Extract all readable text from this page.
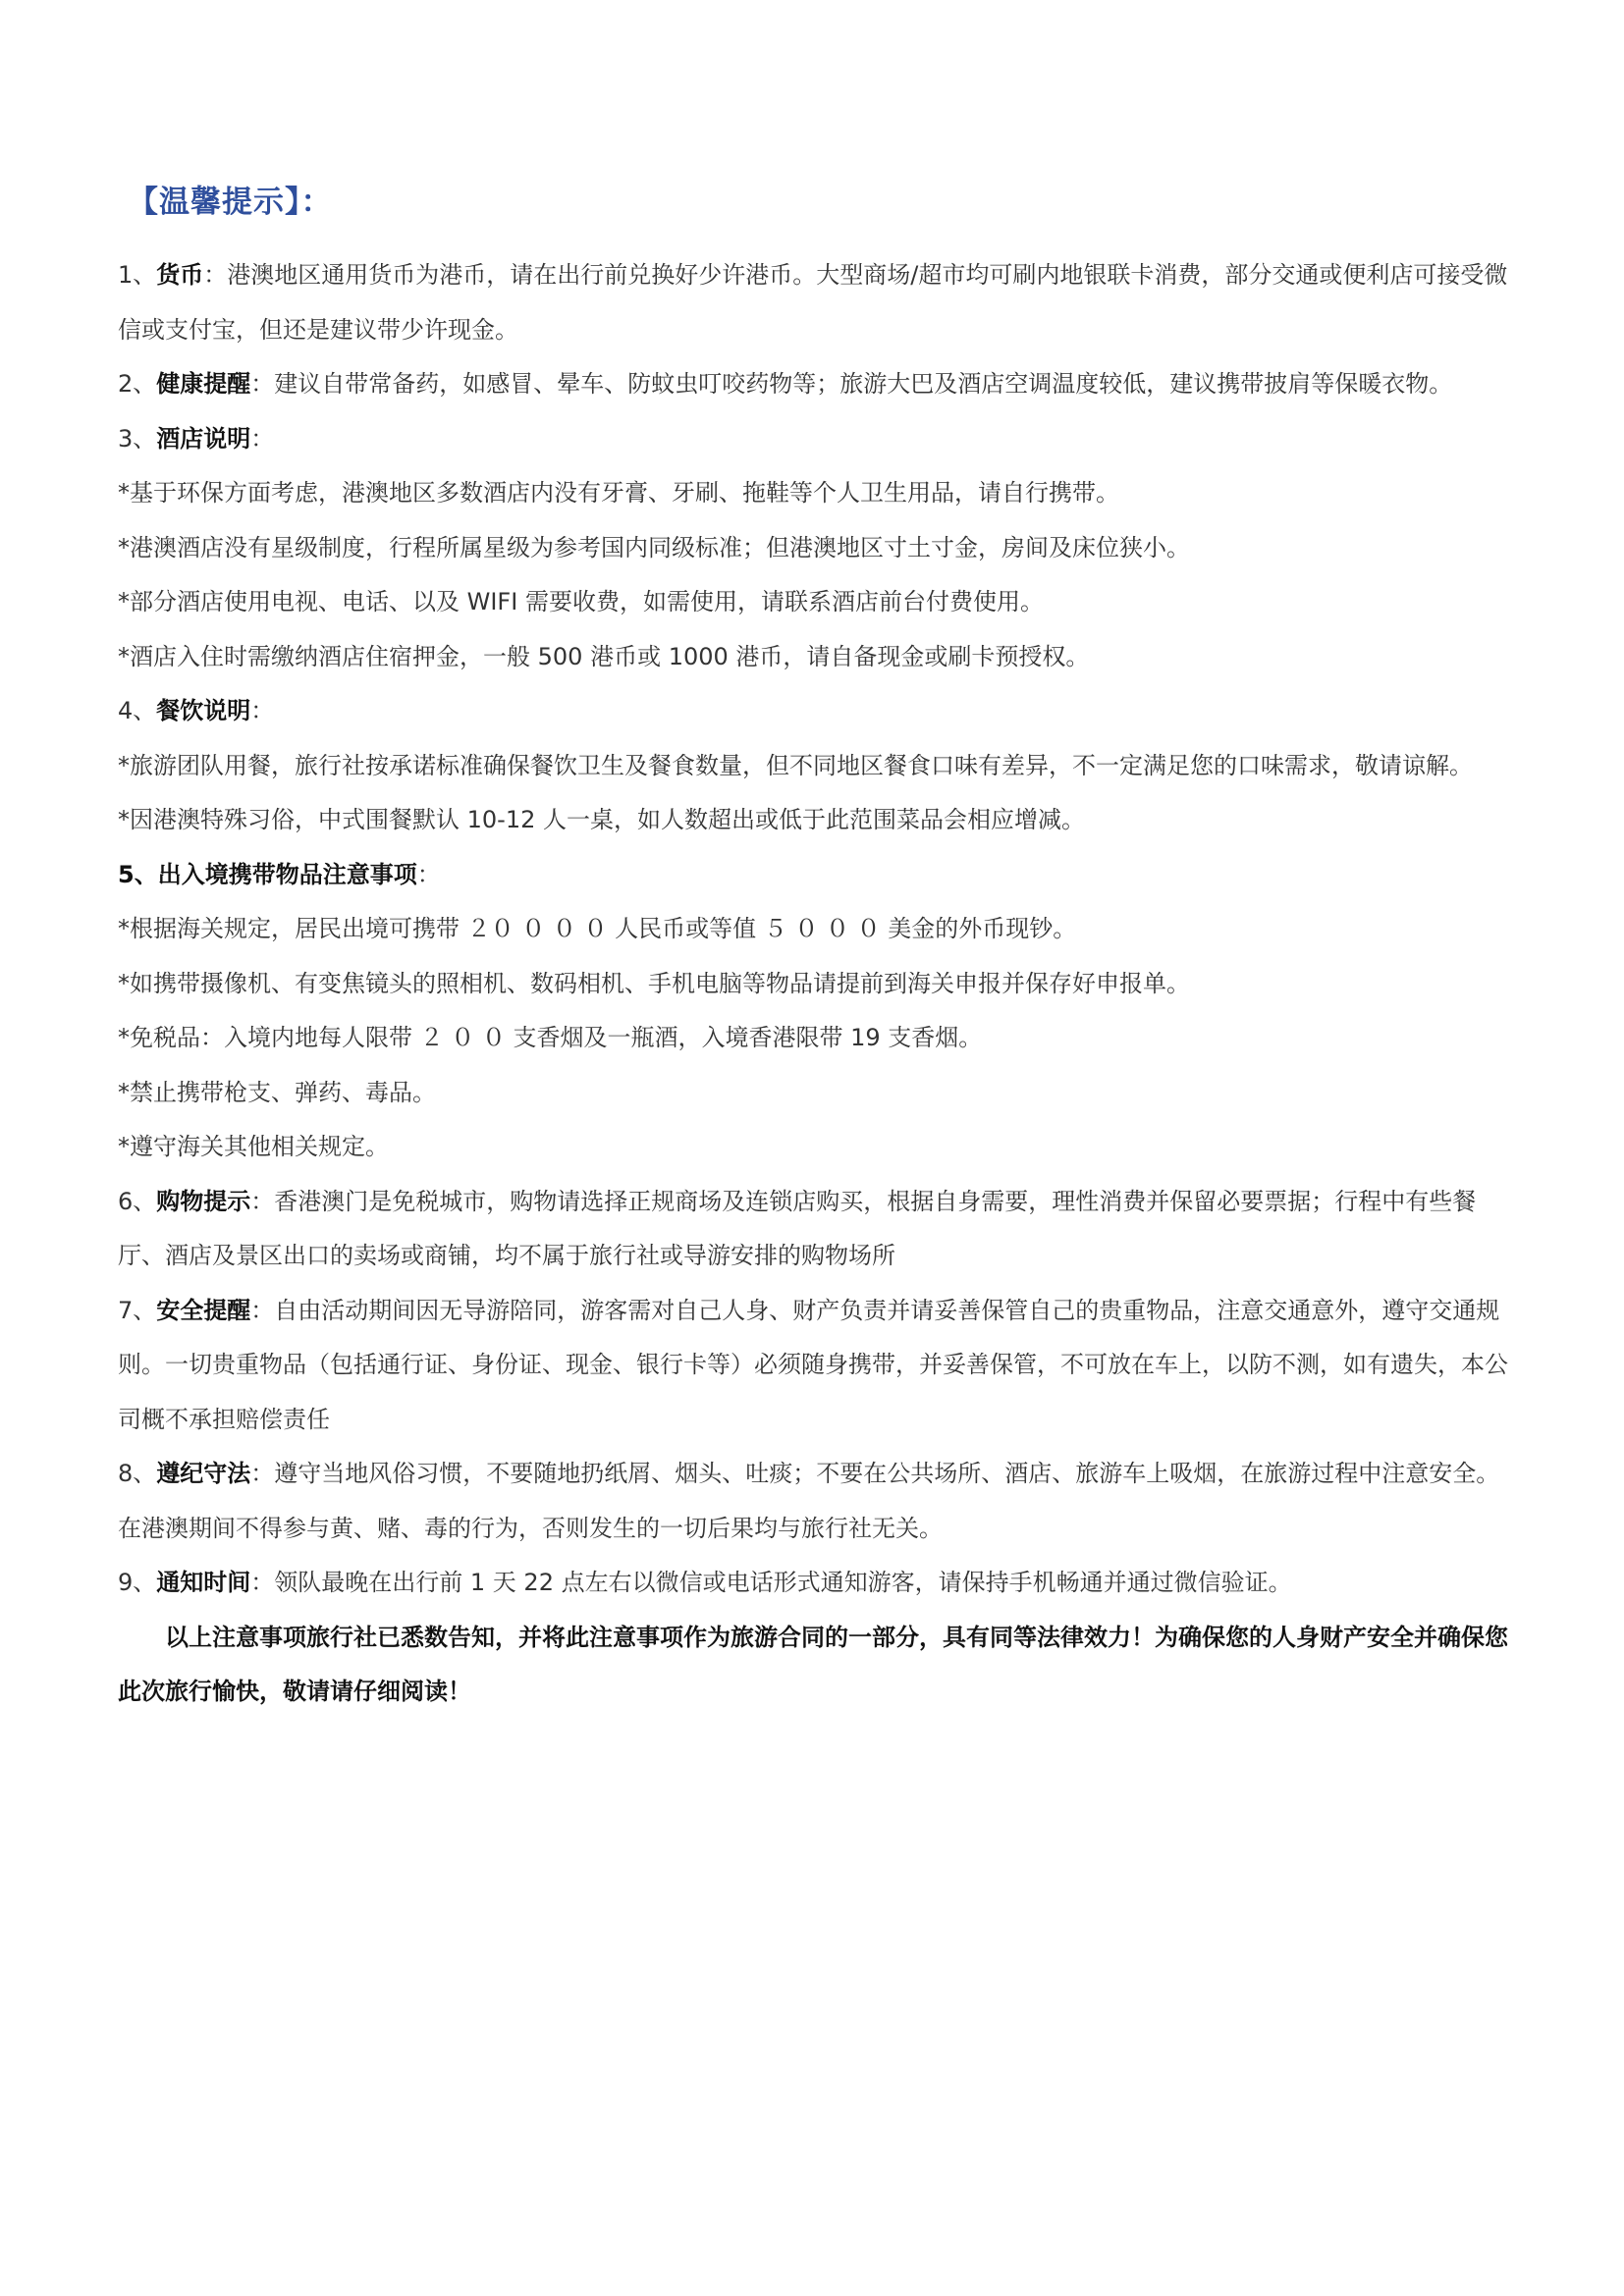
【温馨提示】：

1、货币：港澳地区通用货币为港币，请在出行前兑换好少许港币。大型商场/超市均可刷内地银联卡消费，部分交通或便利店可接受微信或支付宝，但还是建议带少许现金。

2、健康提醒：建议自带常备药，如感冒、晕车、防蚊虫叮咬药物等；旅游大巴及酒店空调温度较低，建议携带披肩等保暖衣物。

3、酒店说明：

*基于环保方面考虑，港澳地区多数酒店内没有牙膏、牙刷、拖鞋等个人卫生用品，请自行携带。

*港澳酒店没有星级制度，行程所属星级为参考国内同级标准；但港澳地区寸土寸金，房间及床位狭小。

*部分酒店使用电视、电话、以及 WIFI 需要收费，如需使用，请联系酒店前台付费使用。

*酒店入住时需缴纳酒店住宿押金，一般 500 港币或 1000 港币，请自备现金或刷卡预授权。

4、餐饮说明：

*旅游团队用餐，旅行社按承诺标准确保餐饮卫生及餐食数量，但不同地区餐食口味有差异，不一定满足您的口味需求，敬请谅解。

*因港澳特殊习俗，中式围餐默认 10-12 人一桌，如人数超出或低于此范围菜品会相应增减。

5、出入境携带物品注意事项：

*根据海关规定，居民出境可携带 ２０ ０ ０ ０ 人民币或等值 ５ ０ ０ ０ 美金的外币现钞。

*如携带摄像机、有变焦镜头的照相机、数码相机、手机电脑等物品请提前到海关申报并保存好申报单。

*免税品：入境内地每人限带 ２ ０ ０ 支香烟及一瓶酒，入境香港限带 19 支香烟。

*禁止携带枪支、弹药、毒品。

*遵守海关其他相关规定。

6、购物提示：香港澳门是免税城市，购物请选择正规商场及连锁店购买，根据自身需要，理性消费并保留必要票据；行程中有些餐厅、酒店及景区出口的卖场或商铺，均不属于旅行社或导游安排的购物场所

7、安全提醒：自由活动期间因无导游陪同，游客需对自己人身、财产负责并请妥善保管自己的贵重物品，注意交通意外，遵守交通规则。一切贵重物品（包括通行证、身份证、现金、银行卡等）必须随身携带，并妥善保管，不可放在车上，以防不测，如有遗失，本公司概不承担赔偿责任

8、遵纪守法：遵守当地风俗习惯，不要随地扔纸屑、烟头、吐痰；不要在公共场所、酒店、旅游车上吸烟，在旅游过程中注意安全。在港澳期间不得参与黄、赌、毒的行为，否则发生的一切后果均与旅行社无关。

9、通知时间：领队最晚在出行前 1 天 22 点左右以微信或电话形式通知游客，请保持手机畅通并通过微信验证。

以上注意事项旅行社已悉数告知，并将此注意事项作为旅游合同的一部分，具有同等法律效力！为确保您的人身财产安全并确保您此次旅行愉快，敬请请仔细阅读！
